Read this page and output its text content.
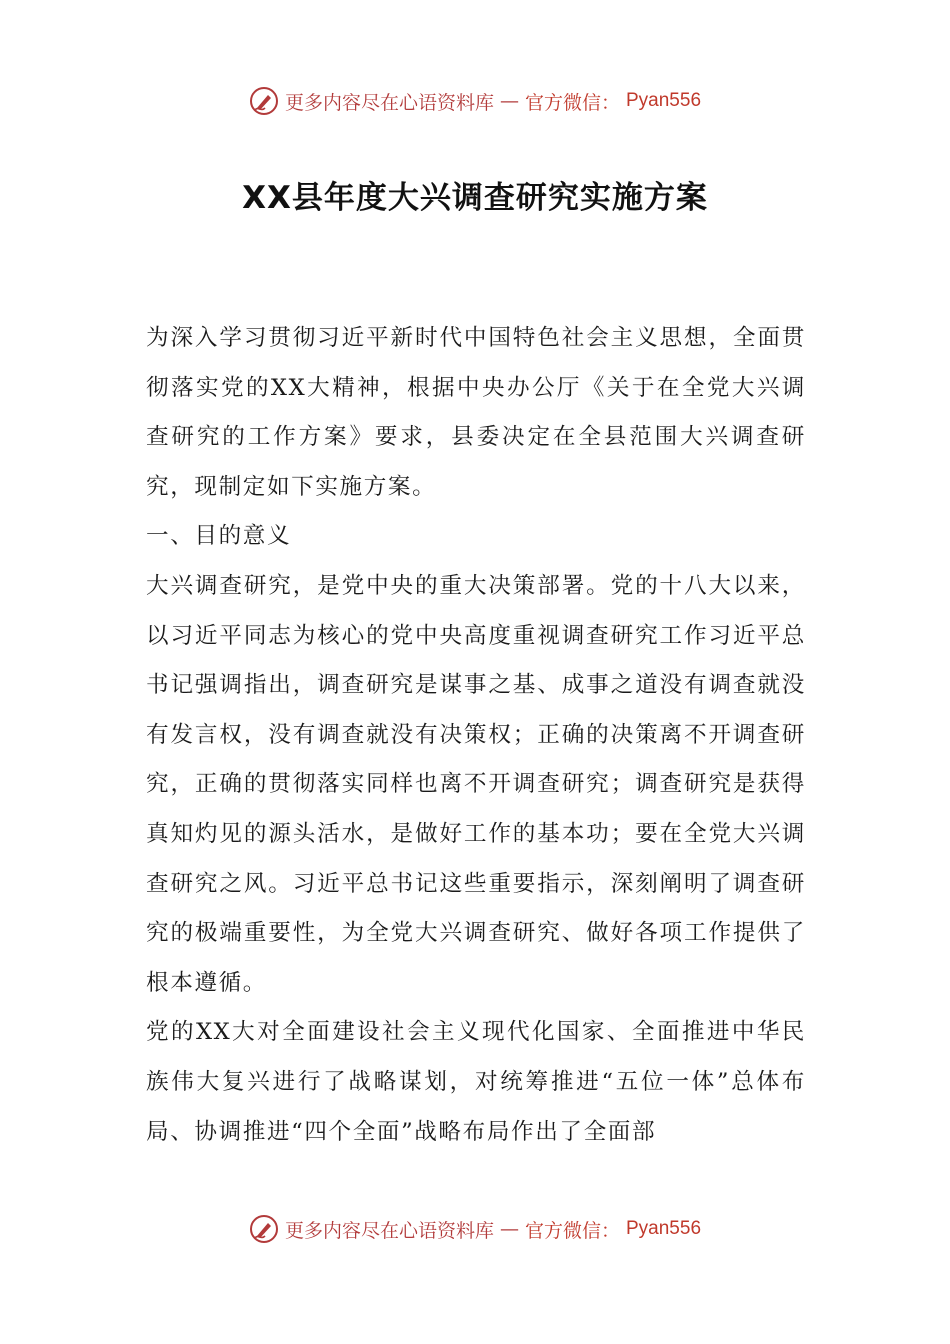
更多内容尽在心语资料库 — 官方微信： Pyan556
XX县年度大兴调查研究实施方案

为深入学习贯彻习近平新时代中国特色社会主义思想，全面贯彻落实党的XX大精神，根据中央办公厅《关于在全党大兴调查研究的工作方案》要求，县委决定在全县范围大兴调查研究，现制定如下实施方案。

一、目的意义

大兴调查研究，是党中央的重大决策部署。党的十八大以来，以习近平同志为核心的党中央高度重视调查研究工作习近平总书记强调指出，调查研究是谋事之基、成事之道没有调查就没有发言权，没有调查就没有决策权；正确的决策离不开调查研究，正确的贯彻落实同样也离不开调查研究；调查研究是获得真知灼见的源头活水，是做好工作的基本功；要在全党大兴调查研究之风。习近平总书记这些重要指示，深刻阐明了调查研究的极端重要性，为全党大兴调查研究、做好各项工作提供了根本遵循。

党的XX大对全面建设社会主义现代化国家、全面推进中华民族伟大复兴进行了战略谋划，对统筹推进“五位一体”总体布局、协调推进“四个全面”战略布局作出了全面部

更多内容尽在心语资料库 — 官方微信： Pyan556
